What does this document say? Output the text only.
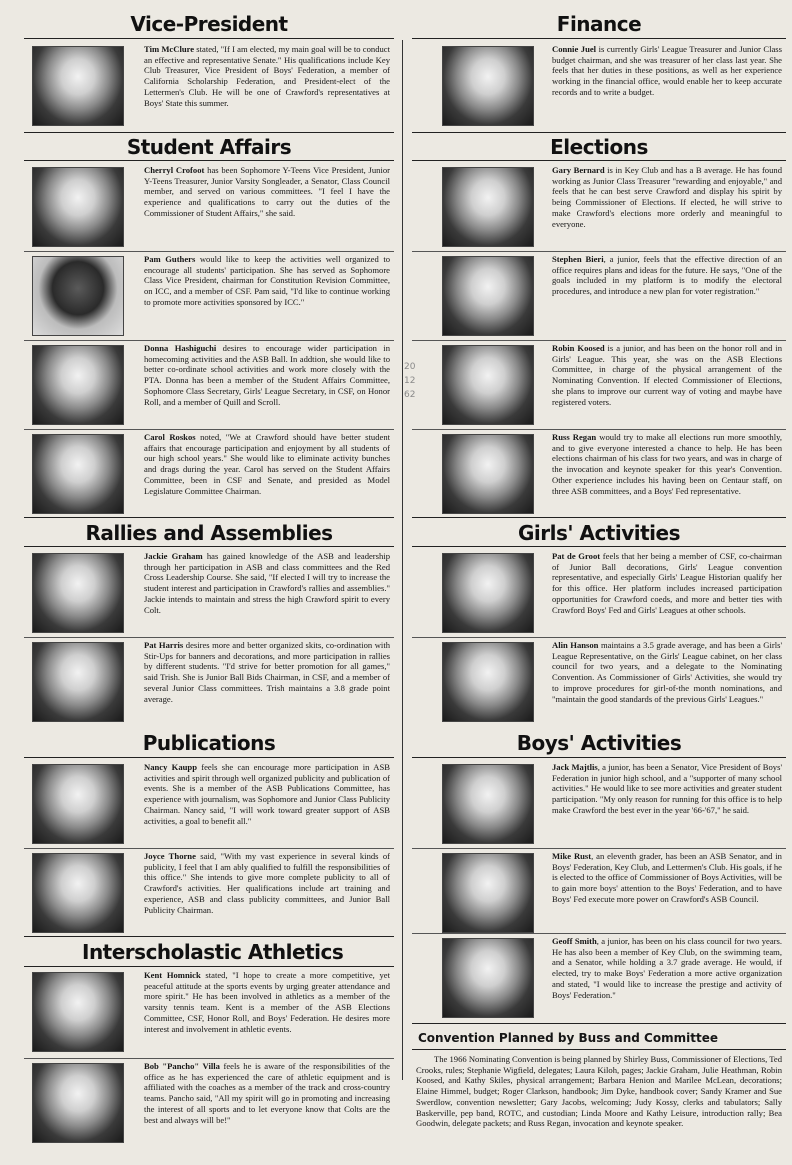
Vice-President

Tim McClure stated, "If I am elected, my main goal will be to conduct an effective and representative Senate." His qualifications include Key Club Treasurer, Vice President of Boys' Federation, a member of California Scholarship Federation, and President-elect of the Lettermen's Club. He will be one of Crawford's representatives at Boys' State this summer.

Student Affairs

Cherryl Crofoot has been Sophomore Y-Teens Vice President, Junior Y-Teens Treasurer, Junior Varsity Songleader, a Senator, Class Council member, and served on various committees. "I feel I have the experience and qualifications to carry out the duties of the Commissioner of Student Affairs," she said.

Pam Guthers would like to keep the activities well organized to encourage all students' participation. She has served as Sophomore Class Vice President, chairman for Constitution Revision Committee, on ICC, and a member of CSF. Pam said, "I'd like to continue working to promote more activities sponsored by ICC."

Donna Hashiguchi desires to encourage wider participation in homecoming activities and the ASB Ball. In addtion, she would like to better co-ordinate school activities and work more closely with the PTA. Donna has been a member of the Student Affairs Committee, Sophomore Class Secretary, Girls' League Secretary, in CSF, on Honor Roll, and a member of Quill and Scroll.

Carol Roskos noted, "We at Crawford should have better student affairs that encourage participation and enjoyment by all students of our high school years." She would like to eliminate activity bunches and drags during the year. Carol has served on the Student Affairs Committee, been in CSF and Senate, and presided as Model Legislature Committee Chairman.

Rallies and Assemblies

Jackie Graham has gained knowledge of the ASB and leadership through her participation in ASB and class committees and the Red Cross Leadership Course. She said, "If elected I will try to increase the student interest and participation in Crawford's rallies and assemblies." Jackie intends to maintain and stress the high Crawford spirit to every Colt.

Pat Harris desires more and better organized skits, co-ordination with Stir-Ups for banners and decorations, and more participation in rallies by different students. "I'd strive for better promotion for all games," said Trish. She is Junior Ball Bids Chairman, in CSF, and a member of several Junior Class committees. Trish maintains a 3.8 grade point average.

Publications

Nancy Kaupp feels she can encourage more participation in ASB activities and spirit through well organized publicity and publication of events. She is a member of the ASB Publications Committee, has experience with journalism, was Sophomore and Junior Class Publicity Chairman. Nancy said, "I will work toward greater support of ASB activities, a goal to benefit all."

Joyce Thorne said, "With my vast experience in several kinds of publicity, I feel that I am ably qualified to fulfill the responsibilities of this office." She intends to give more complete publicity to all of Crawford's activities. Her qualifications include art training and experience, ASB and class publicity committees, and Junior Ball Publicity Chairman.

Interscholastic Athletics

Kent Homnick stated, "I hope to create a more competitive, yet peaceful attitude at the sports events by urging greater attendance and more spirit." He has been involved in athletics as a member of the varsity tennis team. Kent is a member of the ASB Elections Committee, CSF, Honor Roll, and Boys' Federation. He desires more interest and involvement in athletic events.

Bob "Pancho" Villa feels he is aware of the responsibilities of the office as he has experienced the care of athletic equipment and is affiliated with the coaches as a member of the track and cross-country teams. Pancho said, "All my spirit will go in promoting and increasing the interest of all sports and to let everyone know that Colts are the best and always will be!"

Finance

Connie Juel is currently Girls' League Treasurer and Junior Class budget chairman, and she was treasurer of her class last year. She feels that her duties in these positions, as well as her experience working in the financial office, would enable her to keep accurate records and to write a budget.

Elections

Gary Bernard is in Key Club and has a B average. He has found working as Junior Class Treasurer "rewarding and enjoyable," and feels that he can best serve Crawford and display his spirit by being Commissioner of Elections. If elected, he will strive to make Crawford's elections more orderly and meaningful to everyone.

Stephen Bieri, a junior, feels that the effective direction of an office requires plans and ideas for the future. He says, "One of the goals included in my platform is to modify the electoral procedures, and introduce a new plan for voter registration."

Robin Koosed is a junior, and has been on the honor roll and in Girls' League. This year, she was on the ASB Elections Committee, in charge of the physical arrangement of the Nominating Convention. If elected Commissioner of Elections, she plans to improve our current way of voting and maybe have registered voters.

Russ Regan would try to make all elections run more smoothly, and to give everyone interested a chance to help. He has been elections chairman of his class for two years, and was in charge of the invocation and keynote speaker for this year's Convention. Other experience includes his having been on Centaur staff, on three ASB committees, and a Boys' Fed representative.

Girls' Activities

Pat de Groot feels that her being a member of CSF, co-chairman of Junior Ball decorations, Girls' League convention representative, and especially Girls' League Historian qualify her for this office. Her platform includes increased participation opportunities for Crawford coeds, and more and better ties with Crawford Boys' Fed and Girls' Leagues at other schools.

Alin Hanson maintains a 3.5 grade average, and has been a Girls' League Representative, on the Girls' League cabinet, on her class council for two years, and a delegate to the Nominating Convention. As Commissioner of Girls' Activities, she would try to improve procedures for girl-of-the month nominations, and "maintain the good standards of the previous Girls' Leagues."

Boys' Activities

Jack Majtlis, a junior, has been a Senator, Vice President of Boys' Federation in junior high school, and a "supporter of many school activities." He would like to see more activities and greater student participation. "My only reason for running for this office is to help make Crawford the best ever in the year '66-'67," he said.

Mike Rust, an eleventh grader, has been an ASB Senator, and in Boys' Federation, Key Club, and Lettermen's Club. His goals, if he is elected to the office of Commissioner of Boys Activities, will be to gain more boys' attention to the Boys' Federation, and to have Boys' Fed execute more power on Crawford's ASB Council.

Geoff Smith, a junior, has been on his class council for two years. He has also been a member of Key Club, on the swimming team, and a Senator, while holding a 3.7 grade average. He would, if elected, try to make Boys' Federation a more active organization and stated, "I would like to increase the prestige and activity of Boys' Federation."

Convention Planned by Buss and Committee

The 1966 Nominating Convention is being planned by Shirley Buss, Commissioner of Elections, Ted Crooks, rules; Stephanie Wigfield, delegates; Laura Kiloh, pages; Jackie Graham, Julie Heathman, Robin Koosed, and Kathy Skiles, physical arrangement; Barbara Henion and Marilee McLean, decorations; Elaine Himmel, budget; Roger Clarkson, handbook; Jim Dyke, handbook cover; Sandy Kramer and Sue Swerdlow, convention newsletter; Gary Jacobs, welcoming; Judy Kossy, clerks and tabulators; Sally Baskerville, pep band, ROTC, and custodian; Linda Moore and Kathy Leisure, introduction rally; Bea Goodwin, delegate packets; and Russ Regan, invocation and keynote speaker.

20 12 62
